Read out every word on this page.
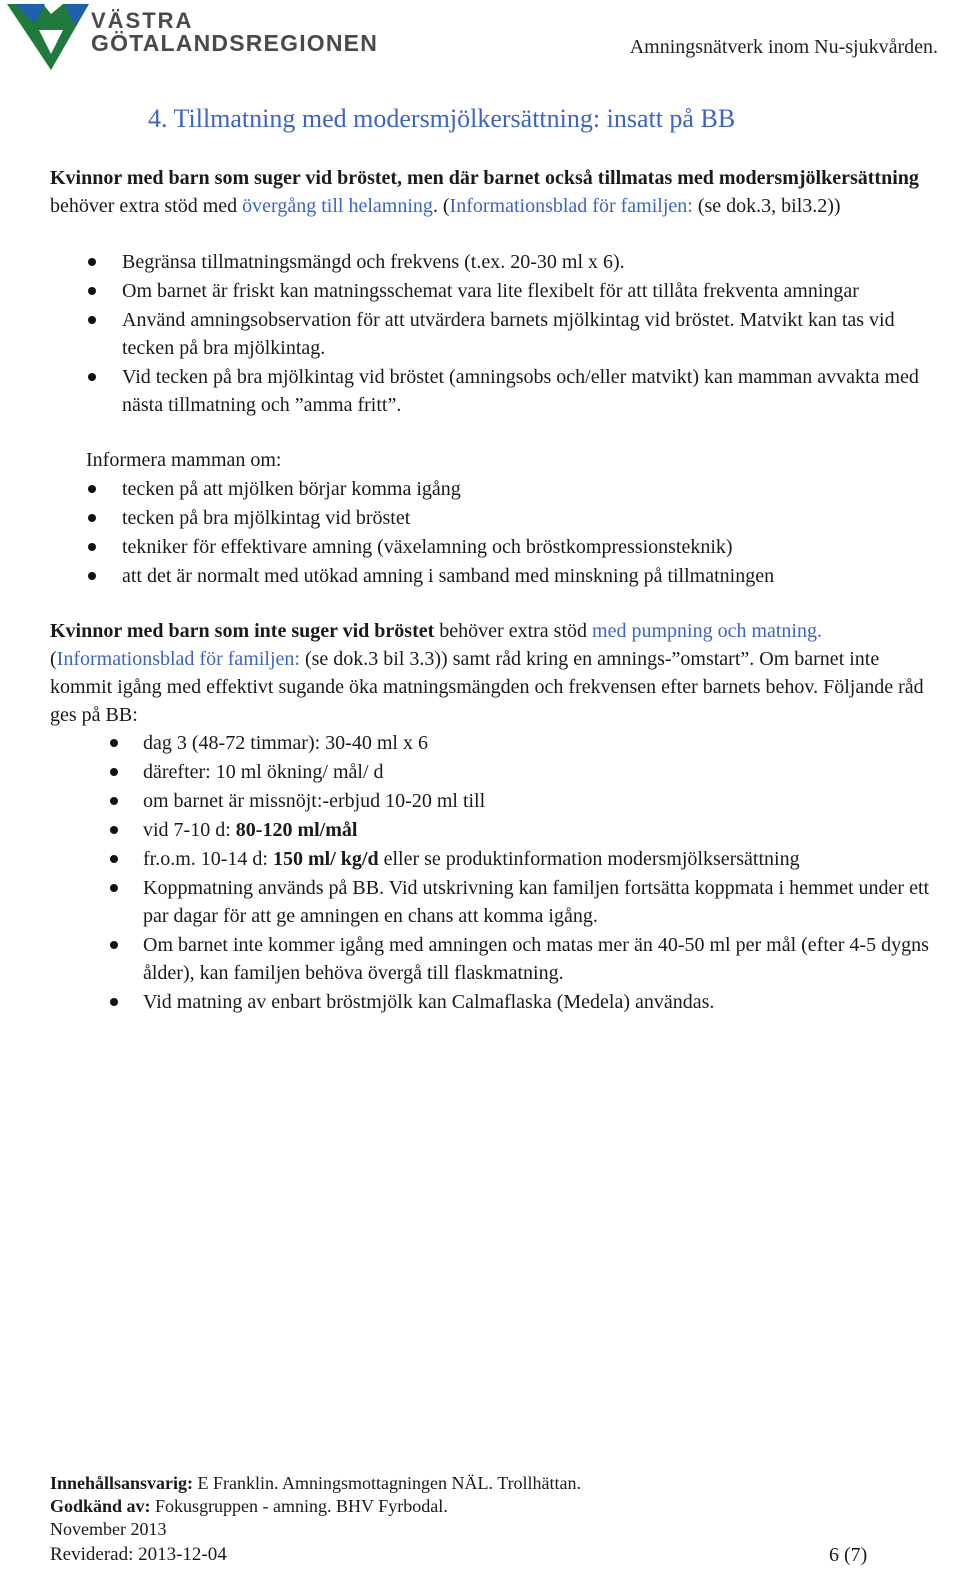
VÄSTRA
GÖTALANDSREGIONEN	Amningsnätverk inom Nu-sjukvården.
4. Tillmatning med modersmjölkersättning: insatt på BB
Kvinnor med barn som suger vid bröstet, men där barnet också tillmatas med modersmjölkersättning behöver extra stöd med övergång till helamning. (Informationsblad för familjen: (se dok.3, bil3.2))
Begränsa tillmatningsmängd och frekvens (t.ex. 20-30 ml x 6).
Om barnet är friskt kan matningsschemat vara lite flexibelt för att tillåta frekventa amningar
Använd amningsobservation för att utvärdera barnets mjölkintag vid bröstet. Matvikt kan tas vid tecken på bra mjölkintag.
Vid tecken på bra mjölkintag vid bröstet (amningsobs och/eller matvikt) kan mamman avvakta med nästa tillmatning och ”amma fritt”.
Informera mamman om:
tecken på att mjölken börjar komma igång
tecken på bra mjölkintag vid bröstet
tekniker för effektivare amning (växelamning och bröstkompressionsteknik)
att det är normalt med utökad amning i samband med minskning på tillmatningen
Kvinnor med barn som inte suger vid bröstet behöver extra stöd med pumpning och matning. (Informationsblad för familjen: (se dok.3 bil 3.3)) samt råd kring en amnings-”omstart”. Om barnet inte kommit igång med effektivt sugande öka matningsmängden och frekvensen efter barnets behov. Följande råd ges på BB:
dag 3 (48-72 timmar): 30-40 ml x 6
därefter: 10 ml ökning/ mål/ d
om barnet är missnöjt:-erbjud 10-20 ml till
vid 7-10 d: 80-120 ml/mål
fr.o.m. 10-14 d: 150 ml/ kg/d eller se produktinformation modersmjölksersättning
Koppmatning används på BB. Vid utskrivning kan familjen fortsätta koppmata i hemmet under ett par dagar för att ge amningen en chans att komma igång.
Om barnet inte kommer igång med amningen och matas mer än 40-50 ml per mål (efter 4-5 dygns ålder), kan familjen behöva övergå till flaskmatning.
Vid matning av enbart bröstmjölk kan Calmaflaska (Medela) användas.
Innehållsansvarig: E Franklin. Amningsmottagningen NÄL. Trollhättan.
Godkänd av: Fokusgruppen - amning. BHV Fyrbodal.
November 2013
Reviderad: 2013-12-04	6 (7)
